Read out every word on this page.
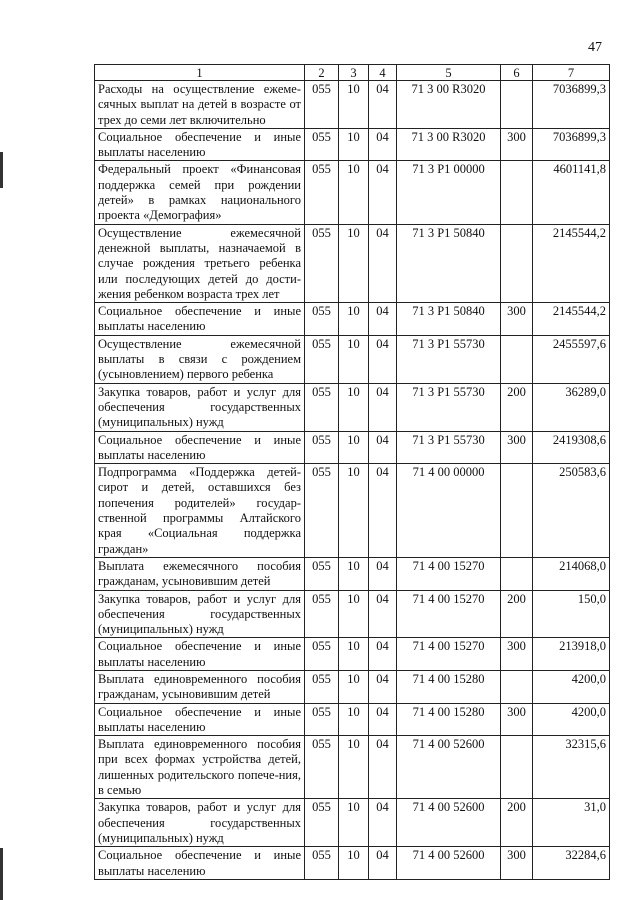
47
1	2	3	4	5	6	7
Расходы на осуществление ежеме-сячных выплат на детей в возрасте от трех до семи лет включительно	055	10	04	71 3 00 R3020		7036899,3
Социальное обеспечение и иные выплаты населению	055	10	04	71 3 00 R3020	300	7036899,3
Федеральный проект «Финансовая поддержка семей при рождении детей» в рамках национального проекта «Демография»	055	10	04	71 3 P1 00000		4601141,8
Осуществление ежемесячной денежной выплаты, назначаемой в случае рождения третьего ребенка или последующих детей до дости-жения ребенком возраста трех лет	055	10	04	71 3 P1 50840		2145544,2
Социальное обеспечение и иные выплаты населению	055	10	04	71 3 P1 50840	300	2145544,2
Осуществление ежемесячной выплаты в связи с рождением (усыновлением) первого ребенка	055	10	04	71 3 P1 55730		2455597,6
Закупка товаров, работ и услуг для обеспечения государственных (муниципальных) нужд	055	10	04	71 3 P1 55730	200	36289,0
Социальное обеспечение и иные выплаты населению	055	10	04	71 3 P1 55730	300	2419308,6
Подпрограмма «Поддержка детей-сирот и детей, оставшихся без попечения родителей» государ-ственной программы Алтайского края «Социальная поддержка граждан»	055	10	04	71 4 00 00000		250583,6
Выплата ежемесячного пособия гражданам, усыновившим детей	055	10	04	71 4 00 15270		214068,0
Закупка товаров, работ и услуг для обеспечения государственных (муниципальных) нужд	055	10	04	71 4 00 15270	200	150,0
Социальное обеспечение и иные выплаты населению	055	10	04	71 4 00 15270	300	213918,0
Выплата единовременного пособия гражданам, усыновившим детей	055	10	04	71 4 00 15280		4200,0
Социальное обеспечение и иные выплаты населению	055	10	04	71 4 00 15280	300	4200,0
Выплата единовременного пособия при всех формах устройства детей, лишенных родительского попече-ния, в семью	055	10	04	71 4 00 52600		32315,6
Закупка товаров, работ и услуг для обеспечения государственных (муниципальных) нужд	055	10	04	71 4 00 52600	200	31,0
Социальное обеспечение и иные выплаты населению	055	10	04	71 4 00 52600	300	32284,6
